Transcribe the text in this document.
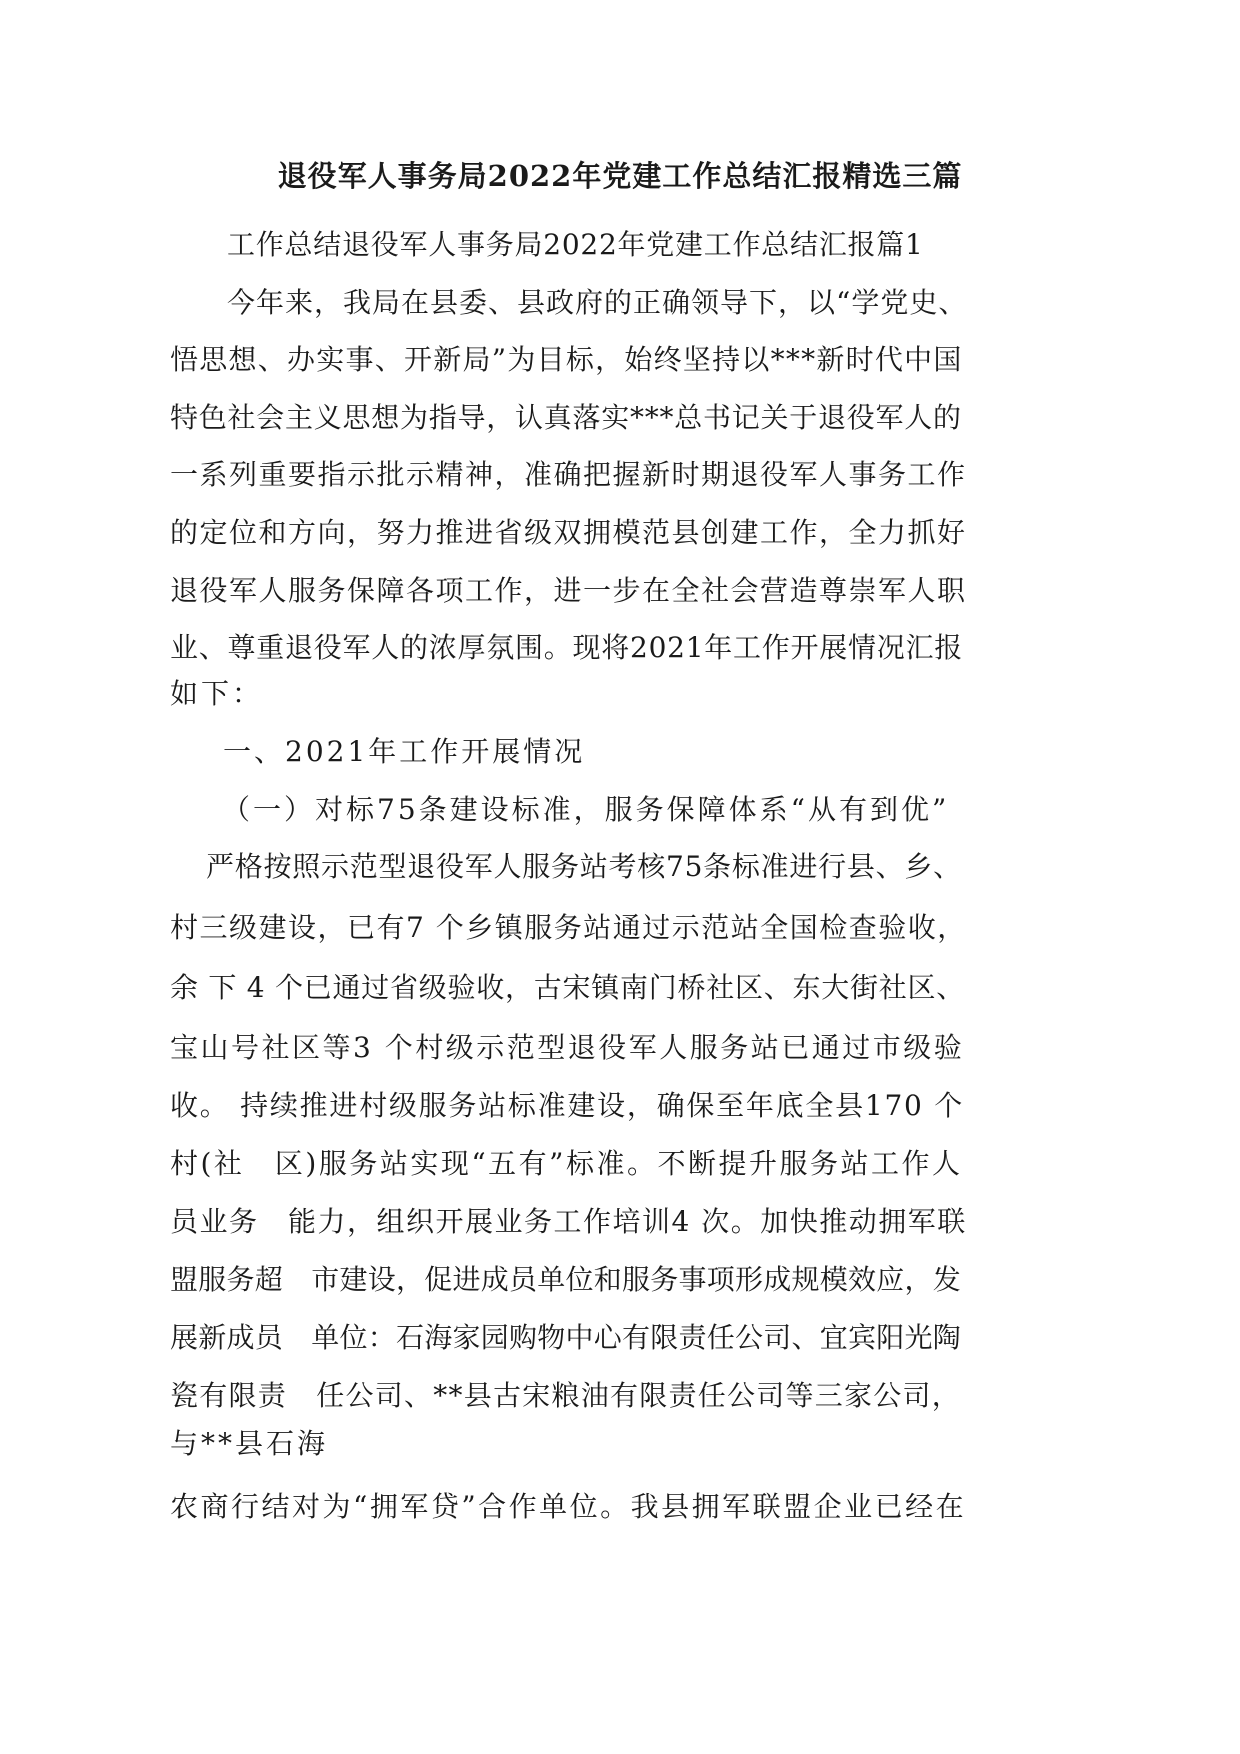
退役军人事务局2022年党建工作总结汇报精选三篇
工作总结退役军人事务局2022年党建工作总结汇报篇1
今年来，我局在县委、县政府的正确领导下，以“学党史、
悟思想、办实事、开新局”为目标，始终坚持以***新时代中国
特色社会主义思想为指导，认真落实***总书记关于退役军人的
一系列重要指示批示精神，准确把握新时期退役军人事务工作
的定位和方向，努力推进省级双拥模范县创建工作，全力抓好
退役军人服务保障各项工作，进一步在全社会营造尊崇军人职
业、尊重退役军人的浓厚氛围。现将2021年工作开展情况汇报
如下：
一、2021年工作开展情况
（一）对标75条建设标准，服务保障体系“从有到优”
严格按照示范型退役军人服务站考核75条标准进行县、乡、
村三级建设，已有7 个乡镇服务站通过示范站全国检查验收，
余 下 4 个已通过省级验收，古宋镇南门桥社区、东大街社区、
宝山号社区等3 个村级示范型退役军人服务站已通过市级验
收。 持续推进村级服务站标准建设，确保至年底全县170 个
村(社　区)服务站实现“五有”标准。不断提升服务站工作人
员业务　能力，组织开展业务工作培训4 次。加快推动拥军联
盟服务超　市建设，促进成员单位和服务事项形成规模效应，发
展新成员　单位：石海家园购物中心有限责任公司、宜宾阳光陶
瓷有限责　任公司、**县古宋粮油有限责任公司等三家公司，
与**县石海
农商行结对为“拥军贷”合作单位。我县拥军联盟企业已经在
